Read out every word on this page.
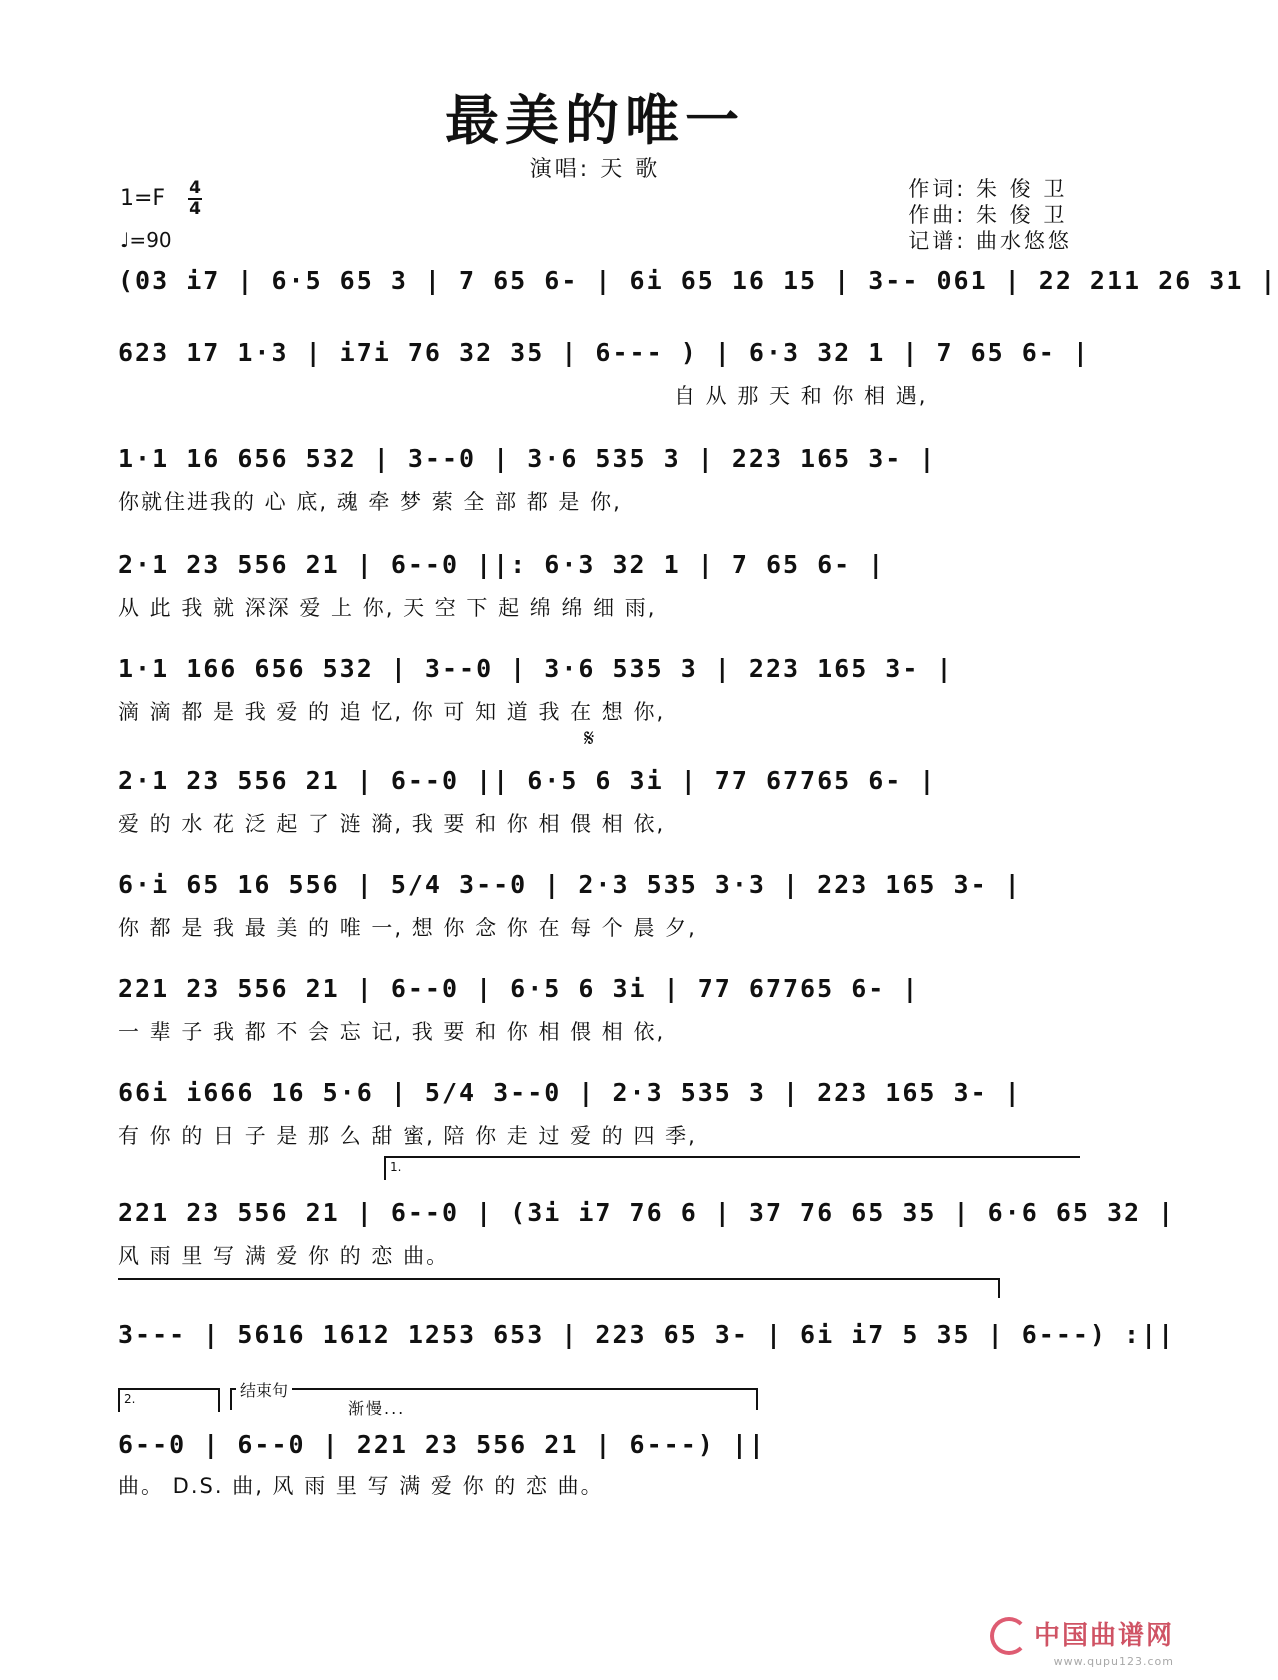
最美的唯一
演唱: 天 歌
1=F 4
4
♩=90
作词: 朱 俊 卫
作曲: 朱 俊 卫
记谱: 曲水悠悠
(03 i7 | 6·5 65 3 | 7 65 6- | 6i 65 16 15 | 3-- 061 | 22 211 26 31 |
623 17 1·3 | i7i 76 32 35 | 6--- ) | 6·3 32 1 | 7 65 6- |
自 从 那 天 和 你 相 遇,
1·1 16 656 532 | 3--0 | 3·6 535 3 | 223 165 3- |
你就住进我的 心 底, 魂 牵 梦 萦 全 部 都 是 你,
2·1 23 556 21 | 6--0 ||: 6·3 32 1 | 7 65 6- |
从 此 我 就 深深 爱 上 你, 天 空 下 起 绵 绵 细 雨,
1·1 166 656 532 | 3--0 | 3·6 535 3 | 223 165 3- |
滴 滴 都 是 我 爱 的 追 忆, 你 可 知 道 我 在 想 你,
𝄋
2·1 23 556 21 | 6--0 || 6·5 6 3i | 77 67765 6- |
爱 的 水 花 泛 起 了 涟 漪, 我 要 和 你 相 偎 相 依,
6·i 65 16 556 | 5/4 3--0 | 2·3 535 3·3 | 223 165 3- |
你 都 是 我 最 美 的 唯 一, 想 你 念 你 在 每 个 晨 夕,
221 23 556 21 | 6--0 | 6·5 6 3i | 77 67765 6- |
一 辈 子 我 都 不 会 忘 记, 我 要 和 你 相 偎 相 依,
66i i666 16 5·6 | 5/4 3--0 | 2·3 535 3 | 223 165 3- |
有 你 的 日 子 是 那 么 甜 蜜, 陪 你 走 过 爱 的 四 季,
1.
221 23 556 21 | 6--0 | (3i i7 76 6 | 37 76 65 35 | 6·6 65 32 |
风 雨 里 写 满 爱 你 的 恋 曲。
3--- | 5616 1612 1253 653 | 223 65 3- | 6i i7 5 35 | 6---) :||
2.	结束句
渐慢...
6--0 | 6--0 | 221 23 556 21 | 6---) ||
曲。 D.S. 曲, 风 雨 里 写 满 爱 你 的 恋 曲。
中国曲谱网
www.qupu123.com
